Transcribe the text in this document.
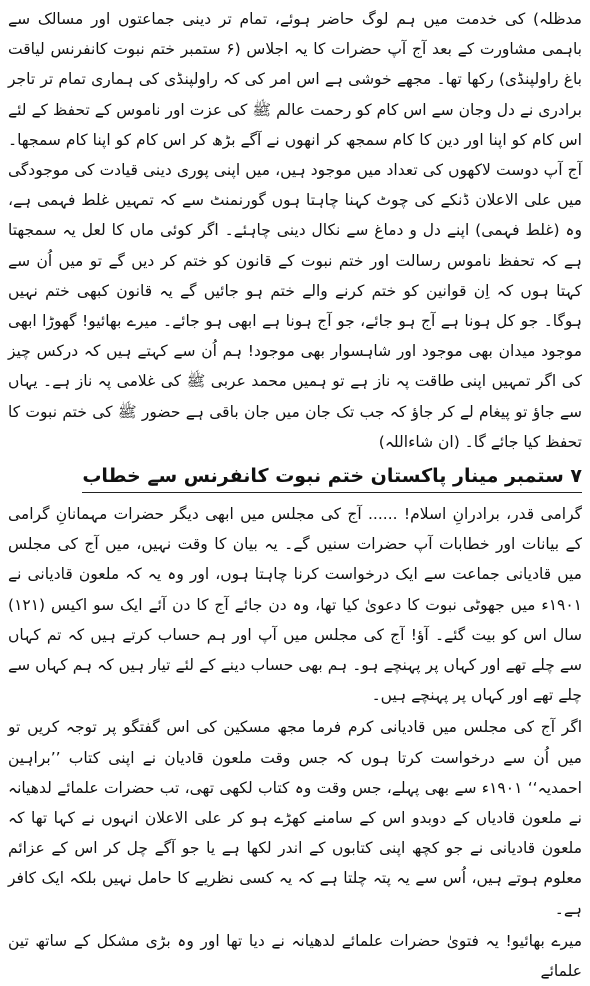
مدظلہ) کی خدمت میں ہم لوگ حاضر ہوئے، تمام تر دینی جماعتوں اور مسالک سے باہمی مشاورت کے بعد آج آپ حضرات کا یہ اجلاس (۶ ستمبر ختم نبوت کانفرنس لیاقت باغ راولپنڈی) رکھا تھا۔ مجھے خوشی ہے اس امر کی کہ راولپنڈی کی ہماری تمام تر تاجر برادری نے دل وجان سے اس کام کو رحمت عالم ﷺ کی عزت اور ناموس کے تحفظ کے لئے اس کام کو اپنا اور دین کا کام سمجھ کر انھوں نے آگے بڑھ کر اس کام کو اپنا کام سمجھا۔ آج آپ دوست لاکھوں کی تعداد میں موجود ہیں، میں اپنی پوری دینی قیادت کی موجودگی میں علی الاعلان ڈنکے کی چوٹ کہنا چاہتا ہوں گورنمنٹ سے کہ تمہیں غلط فہمی ہے، وہ (غلط فہمی) اپنے دل و دماغ سے نکال دینی چاہئے۔ اگر کوئی ماں کا لعل یہ سمجھتا ہے کہ تحفظ ناموس رسالت اور ختم نبوت کے قانون کو ختم کر دیں گے تو میں اُن سے کہتا ہوں کہ اِن قوانین کو ختم کرنے والے ختم ہو جائیں گے یہ قانون کبھی ختم نہیں ہوگا۔ جو کل ہونا ہے آج ہو جائے، جو آج ہونا ہے ابھی ہو جائے۔ میرے بھائیو! گھوڑا ابھی موجود میدان بھی موجود اور شاہسوار بھی موجود! ہم اُن سے کہتے ہیں کہ درکس چیز کی اگر تمہیں اپنی طاقت پہ ناز ہے تو ہمیں محمد عربی ﷺ کی غلامی پہ ناز ہے۔ یہاں سے جاؤ تو پیغام لے کر جاؤ کہ جب تک جان میں جان باقی ہے حضور ﷺ کی ختم نبوت کا تحفظ کیا جائے گا۔ (ان شاءاللہ)

۷ ستمبر مینار پاکستان ختم نبوت کانفرنس سے خطاب

گرامی قدر، برادرانِ اسلام! ...... آج کی مجلس میں ابھی دیگر حضرات مہمانانِ گرامی کے بیانات اور خطابات آپ حضرات سنیں گے۔ یہ بیان کا وقت نہیں، میں آج کی مجلس میں قادیانی جماعت سے ایک درخواست کرنا چاہتا ہوں، اور وہ یہ کہ ملعون قادیانی نے ۱۹۰۱ء میں جھوٹی نبوت کا دعویٰ کیا تھا، وہ دن جائے آج کا دن آئے ایک سو اکیس (۱۲۱) سال اس کو بیت گئے۔ آؤ! آج کی مجلس میں آپ اور ہم حساب کرتے ہیں کہ تم کہاں سے چلے تھے اور کہاں پر پہنچے ہو۔ ہم بھی حساب دینے کے لئے تیار ہیں کہ ہم کہاں سے چلے تھے اور کہاں پر پہنچے ہیں۔

اگر آج کی مجلس میں قادیانی کرم فرما مجھ مسکین کی اس گفتگو پر توجہ کریں تو میں اُن سے درخواست کرتا ہوں کہ جس وقت ملعون قادیان نے اپنی کتاب ’’براہین احمدیہ‘‘ ۱۹۰۱ء سے بھی پہلے، جس وقت وہ کتاب لکھی تھی، تب حضرات علمائے لدھیانہ نے ملعون قادیاں کے دوبدو اس کے سامنے کھڑے ہو کر علی الاعلان انہوں نے کہا تھا کہ ملعون قادیانی نے جو کچھ اپنی کتابوں کے اندر لکھا ہے یا جو آگے چل کر اس کے عزائم معلوم ہوتے ہیں، اُس سے یہ پتہ چلتا ہے کہ یہ کسی نظریے کا حامل نہیں بلکہ ایک کافر ہے۔

میرے بھائیو! یہ فتویٰ حضرات علمائے لدھیانہ نے دیا تھا اور وہ بڑی مشکل کے ساتھ تین علمائے
